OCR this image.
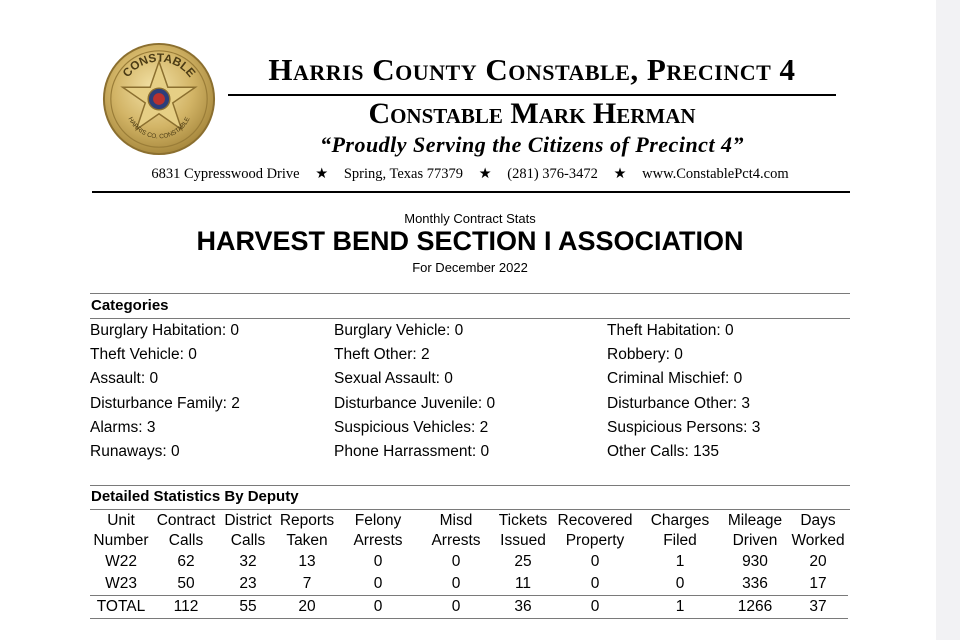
CONSTABLE
HARRIS CO. CONSTABLE
Harris County Constable, Precinct 4
Constable Mark Herman
“Proudly Serving the Citizens of Precinct 4”
6831 Cypresswood Drive ★ Spring, Texas 77379 ★ (281) 376-3472 ★ www.ConstablePct4.com
Monthly Contract Stats
HARVEST BEND SECTION I ASSOCIATION
For December 2022
Categories
Burglary Habitation: 0	Burglary Vehicle: 0	Theft Habitation: 0
Theft Vehicle: 0	Theft Other: 2	Robbery: 0
Assault: 0	Sexual Assault: 0	Criminal Mischief: 0
Disturbance Family: 2	Disturbance Juvenile: 0	Disturbance Other: 3
Alarms: 3	Suspicious Vehicles: 2	Suspicious Persons: 3
Runaways: 0	Phone Harrassment: 0	Other Calls: 135
Detailed Statistics By Deputy
Unit	Contract	District	Reports	Felony	Misd	Tickets	Recovered	Charges	Mileage	Days
Number	Calls	Calls	Taken	Arrests	Arrests	Issued	Property	Filed	Driven	Worked
W22	62	32	13	0	0	25	0	1	930	20
W23	50	23	7	0	0	11	0	0	336	17
TOTAL	112	55	20	0	0	36	0	1	1266	37
